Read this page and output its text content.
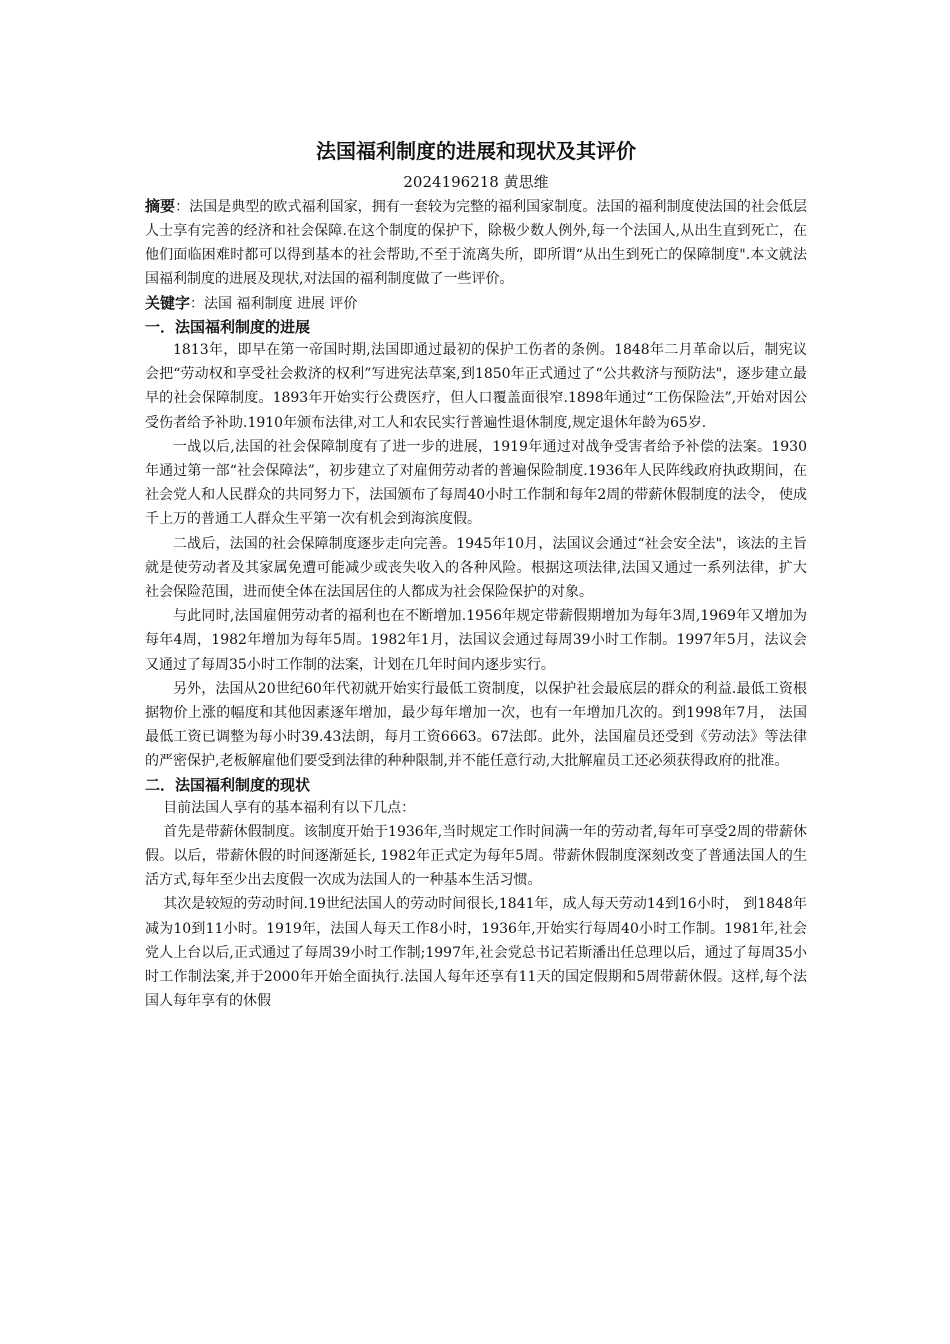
法国福利制度的进展和现状及其评价

2024196218 黄思维

摘要：法国是典型的欧式福利国家，拥有一套较为完整的福利国家制度。法国的福利制度使法国的社会低层人士享有完善的经济和社会保障.在这个制度的保护下，除极少数人例外,每一个法国人,从出生直到死亡，在他们面临困难时都可以得到基本的社会帮助,不至于流离失所，即所谓“从出生到死亡的保障制度".本文就法国福利制度的进展及现状,对法国的福利制度做了一些评价。

关键字：法国 福利制度 进展 评价

一．法国福利制度的进展

1813年，即早在第一帝国时期,法国即通过最初的保护工伤者的条例。1848年二月革命以后，制宪议会把“劳动权和享受社会救济的权利”写进宪法草案,到1850年正式通过了“公共救济与预防法"，逐步建立最早的社会保障制度。1893年开始实行公费医疗，但人口覆盖面很窄.1898年通过“工伤保险法”,开始对因公受伤者给予补助.1910年颁布法律,对工人和农民实行普遍性退休制度,规定退休年龄为65岁.

一战以后,法国的社会保障制度有了进一步的进展，1919年通过对战争受害者给予补偿的法案。1930年通过第一部“社会保障法”，初步建立了对雇佣劳动者的普遍保险制度.1936年人民阵线政府执政期间，在社会党人和人民群众的共同努力下，法国颁布了每周40小时工作制和每年2周的带薪休假制度的法令， 使成千上万的普通工人群众生平第一次有机会到海滨度假。

二战后，法国的社会保障制度逐步走向完善。1945年10月，法国议会通过“社会安全法"，该法的主旨就是使劳动者及其家属免遭可能减少或丧失收入的各种风险。根据这项法律,法国又通过一系列法律，扩大社会保险范围，进而使全体在法国居住的人都成为社会保险保护的对象。

与此同时,法国雇佣劳动者的福利也在不断增加.1956年规定带薪假期增加为每年3周,1969年又增加为每年4周，1982年增加为每年5周。1982年1月，法国议会通过每周39小时工作制。1997年5月，法议会又通过了每周35小时工作制的法案，计划在几年时间内逐步实行。

另外，法国从20世纪60年代初就开始实行最低工资制度，以保护社会最底层的群众的利益.最低工资根据物价上涨的幅度和其他因素逐年增加，最少每年增加一次，也有一年增加几次的。到1998年7月， 法国最低工资已调整为每小时39.43法朗，每月工资6663。67法郎。此外，法国雇员还受到《劳动法》等法律的严密保护,老板解雇他们要受到法律的种种限制,并不能任意行动,大批解雇员工还必须获得政府的批准。

二．法国福利制度的现状

目前法国人享有的基本福利有以下几点：

首先是带薪休假制度。该制度开始于1936年,当时规定工作时间满一年的劳动者,每年可享受2周的带薪休假。以后，带薪休假的时间逐渐延长, 1982年正式定为每年5周。带薪休假制度深刻改变了普通法国人的生活方式,每年至少出去度假一次成为法国人的一种基本生活习惯。

其次是较短的劳动时间.19世纪法国人的劳动时间很长,1841年，成人每天劳动14到16小时， 到1848年减为10到11小时。1919年，法国人每天工作8小时，1936年,开始实行每周40小时工作制。1981年,社会党人上台以后,正式通过了每周39小时工作制;1997年,社会党总书记若斯潘出任总理以后，通过了每周35小时工作制法案,并于2000年开始全面执行.法国人每年还享有11天的国定假期和5周带薪休假。这样,每个法国人每年享有的休假
